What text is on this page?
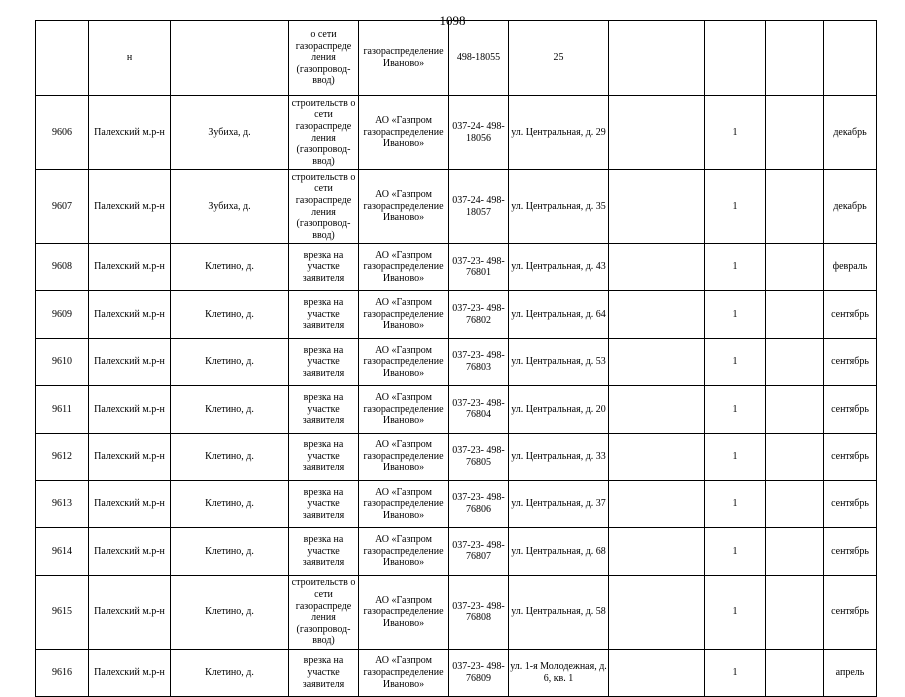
1098
	н		о сети газораспреде ления (газопровод- ввод)	газораспределение Иваново»	498-18055	25					
9606	Палехский м.р-н	Зубиха, д.	строительств о сети газораспреде ления (газопровод- ввод)	АО «Газпром газораспределение Иваново»	037-24- 498-18056	ул. Центральная, д. 29		1		декабрь	
9607	Палехский м.р-н	Зубиха, д.	строительств о сети газораспреде ления (газопровод- ввод)	АО «Газпром газораспределение Иваново»	037-24- 498-18057	ул. Центральная, д. 35		1		декабрь	
9608	Палехский м.р-н	Клетино, д.	врезка на участке заявителя	АО «Газпром газораспределение Иваново»	037-23- 498-76801	ул. Центральная, д. 43		1		февраль	
9609	Палехский м.р-н	Клетино, д.	врезка на участке заявителя	АО «Газпром газораспределение Иваново»	037-23- 498-76802	ул. Центральная, д. 64		1		сентябрь	
9610	Палехский м.р-н	Клетино, д.	врезка на участке заявителя	АО «Газпром газораспределение Иваново»	037-23- 498-76803	ул. Центральная, д. 53		1		сентябрь	
9611	Палехский м.р-н	Клетино, д.	врезка на участке заявителя	АО «Газпром газораспределение Иваново»	037-23- 498-76804	ул. Центральная, д. 20		1		сентябрь	
9612	Палехский м.р-н	Клетино, д.	врезка на участке заявителя	АО «Газпром газораспределение Иваново»	037-23- 498-76805	ул. Центральная, д. 33		1		сентябрь	
9613	Палехский м.р-н	Клетино, д.	врезка на участке заявителя	АО «Газпром газораспределение Иваново»	037-23- 498-76806	ул. Центральная, д. 37		1		сентябрь	
9614	Палехский м.р-н	Клетино, д.	врезка на участке заявителя	АО «Газпром газораспределение Иваново»	037-23- 498-76807	ул. Центральная, д. 68		1		сентябрь	
9615	Палехский м.р-н	Клетино, д.	строительств о сети газораспреде ления (газопровод- ввод)	АО «Газпром газораспределение Иваново»	037-23- 498-76808	ул. Центральная, д. 58		1		сентябрь	
9616	Палехский м.р-н	Клетино, д.	врезка на участке заявителя	АО «Газпром газораспределение Иваново»	037-23- 498-76809	ул. 1-я Молодежная, д. 6, кв. 1		1		апрель	
